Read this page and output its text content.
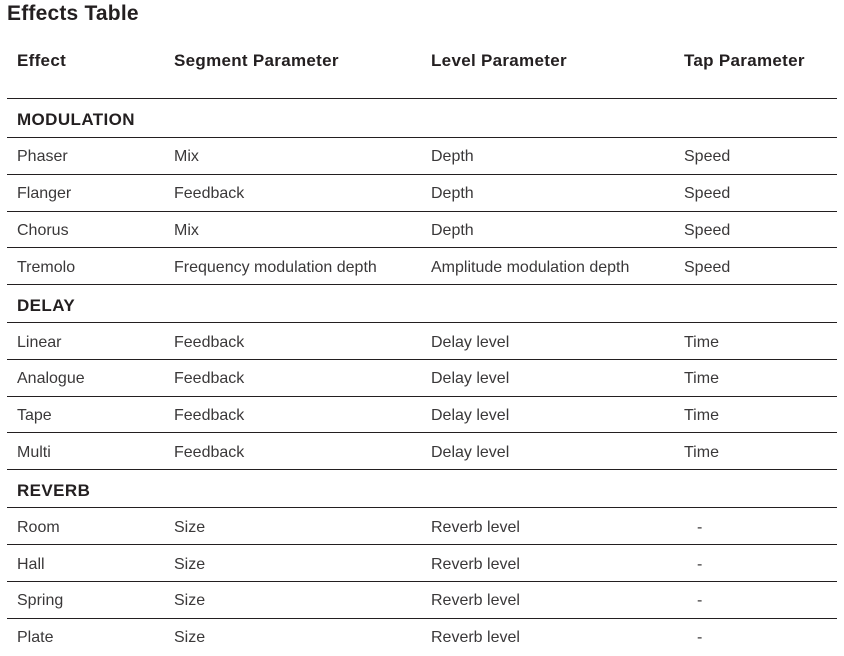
Effects Table
Effect	Segment Parameter	Level Parameter	Tap Parameter
MODULATION
Phaser	Mix	Depth	Speed
Flanger	Feedback	Depth	Speed
Chorus	Mix	Depth	Speed
Tremolo	Frequency modulation depth	Amplitude modulation depth	Speed
DELAY
Linear	Feedback	Delay level	Time
Analogue	Feedback	Delay level	Time
Tape	Feedback	Delay level	Time
Multi	Feedback	Delay level	Time
REVERB
Room	Size	Reverb level	-
Hall	Size	Reverb level	-
Spring	Size	Reverb level	-
Plate	Size	Reverb level	-
